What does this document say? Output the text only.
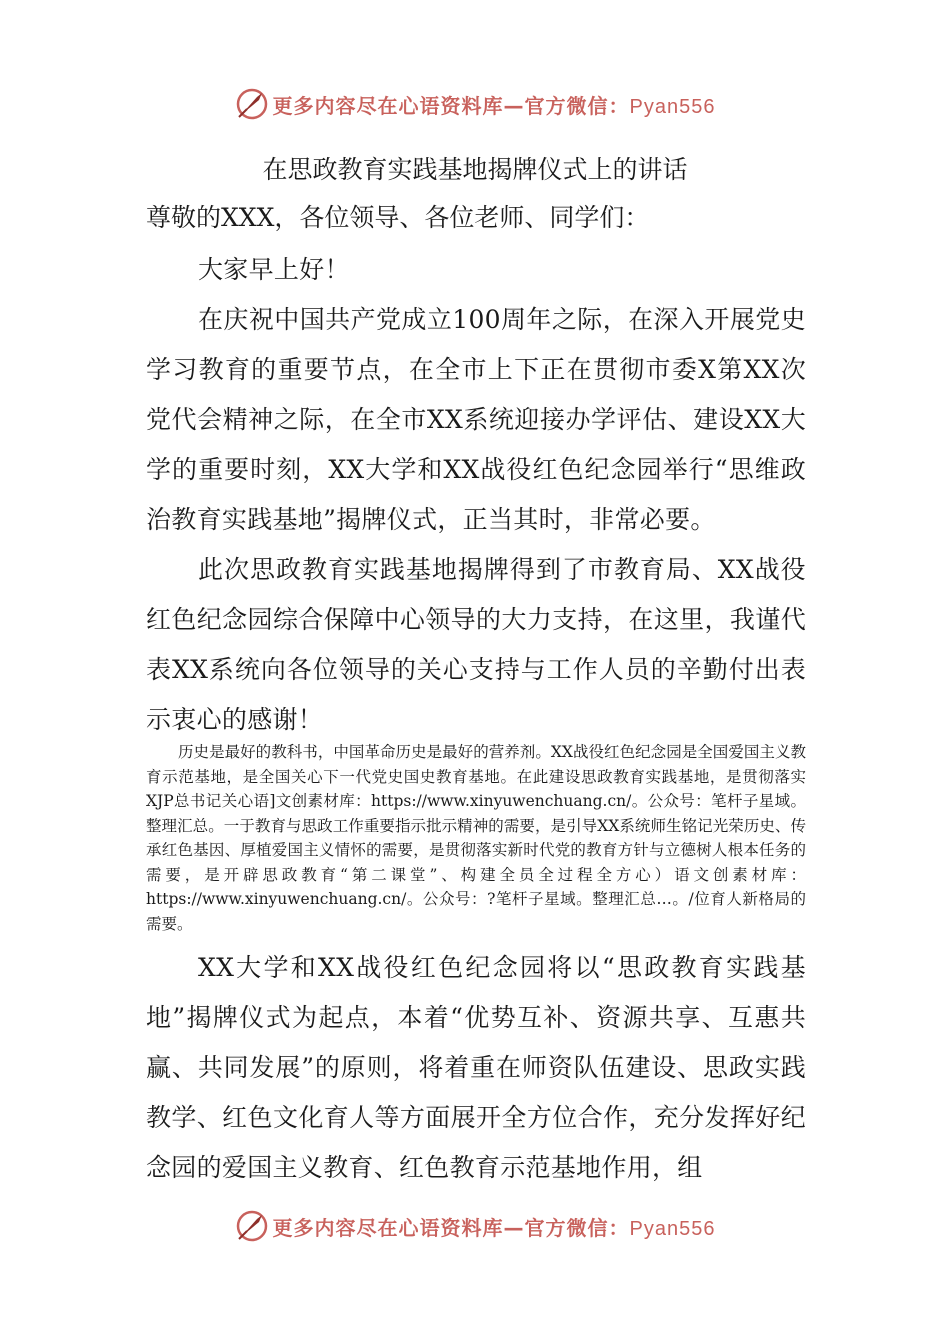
更多内容尽在心语资料库—官方微信：Pyan556
在思政教育实践基地揭牌仪式上的讲话
尊敬的XXX，各位领导、各位老师、同学们：
大家早上好！
在庆祝中国共产党成立100周年之际，在深入开展党史学习教育的重要节点，在全市上下正在贯彻市委X第XX次党代会精神之际，在全市XX系统迎接办学评估、建设XX大学的重要时刻，XX大学和XX战役红色纪念园举行“思维政治教育实践基地”揭牌仪式，正当其时，非常必要。
此次思政教育实践基地揭牌得到了市教育局、XX战役红色纪念园综合保障中心领导的大力支持，在这里，我谨代表XX系统向各位领导的关心支持与工作人员的辛勤付出表示衷心的感谢！
历史是最好的教科书，中国革命历史是最好的营养剂。XX战役红色纪念园是全国爱国主义教育示范基地，是全国关心下一代党史国史教育基地。在此建设思政教育实践基地，是贯彻落实XJP总书记关心语]文创素材库：https://www.xinyuwenchuang.cn/。公众号：笔杆子星域。整理汇总。一于教育与思政工作重要指示批示精神的需要，是引导XX系统师生铭记光荣历史、传承红色基因、厚植爱国主义情怀的需要，是贯彻落实新时代党的教育方针与立德树人根本任务的需要，是开辟思政教育“第二课堂”、构建全员全过程全方心）语文创素材库：https://www.xinyuwenchuang.cn/。公众号：?笔杆子星域。整理汇总…。/位育人新格局的需要。
XX大学和XX战役红色纪念园将以“思政教育实践基地”揭牌仪式为起点，本着“优势互补、资源共享、互惠共赢、共同发展”的原则，将着重在师资队伍建设、思政实践教学、红色文化育人等方面展开全方位合作，充分发挥好纪念园的爱国主义教育、红色教育示范基地作用，组
更多内容尽在心语资料库—官方微信：Pyan556
